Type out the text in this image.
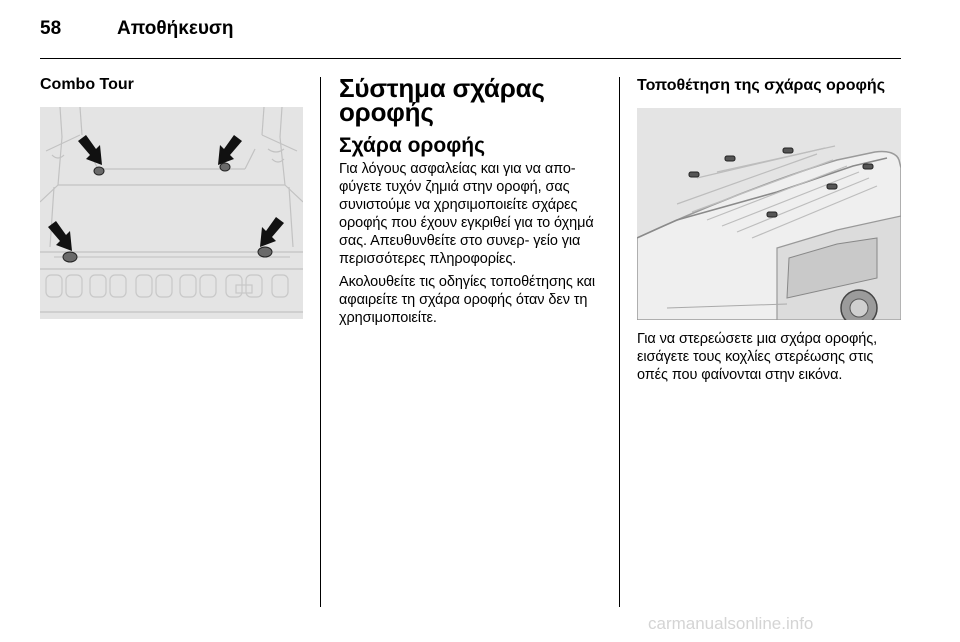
58	Αποθήκευση
Combo Tour	Σύστημα σχάρας οροφής
Σχάρα οροφής

Για λόγους ασφαλείας και για να απο- φύγετε τυχόν ζημιά στην οροφή, σας συνιστούμε να χρησιμοποιείτε σχάρες οροφής που έχουν εγκριθεί για το όχημά σας. Απευθυνθείτε στο συνερ- γείο για περισσότερες πληροφορίες.

Ακολουθείτε τις οδηγίες τοποθέτησης και αφαιρείτε τη σχάρα οροφής όταν δεν τη χρησιμοποιείτε.

Τοποθέτηση της σχάρας οροφής

Για να στερεώσετε μια σχάρα οροφής, εισάγετε τους κοχλίες στερέωσης στις οπές που φαίνονται στην εικόνα.

carmanualsonline.info
